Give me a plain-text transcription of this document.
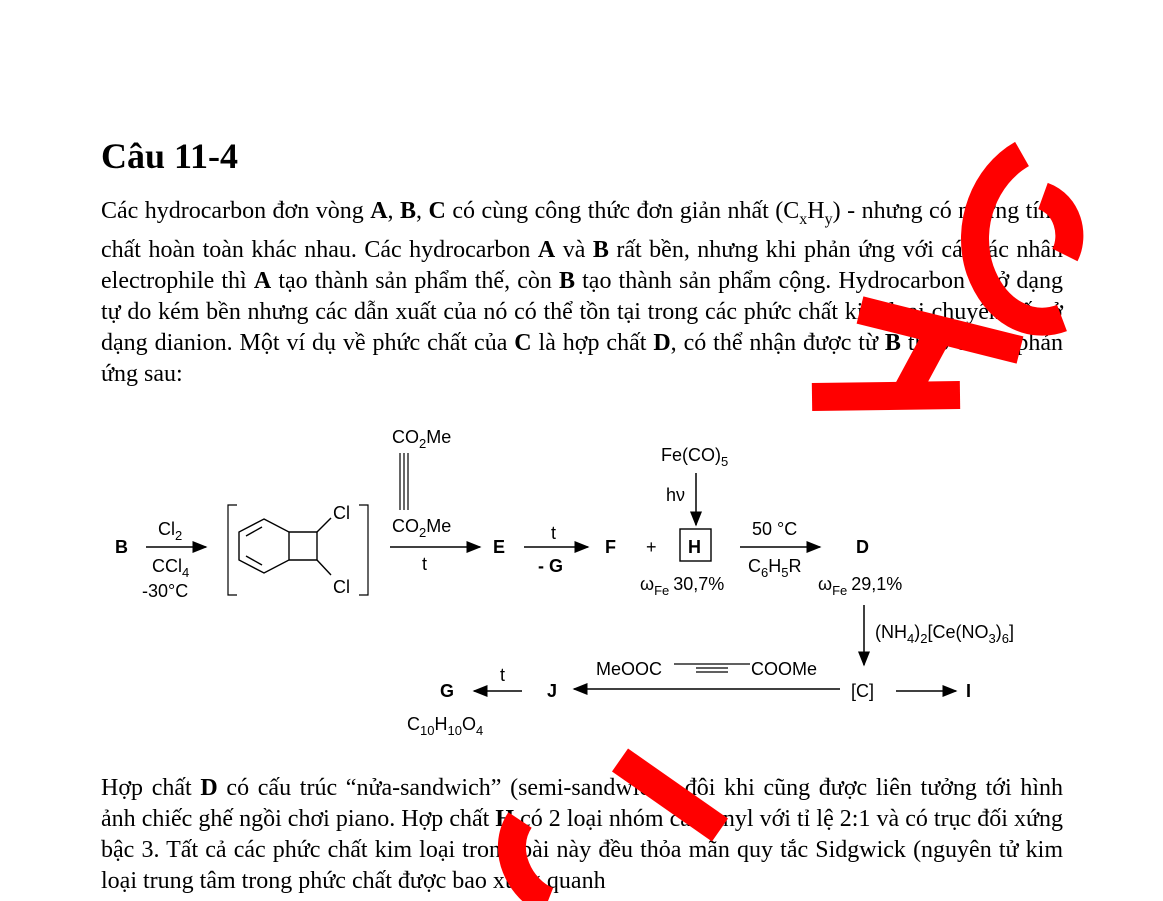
Câu 11-4

Các hydrocarbon đơn vòng A, B, C có cùng công thức đơn giản nhất $(C_xH_y)$ - nhưng có những tính chất hoàn toàn khác nhau. Các hydrocarbon A và B rất bền, nhưng khi phản ứng với các tác nhân electrophile thì A tạo thành sản phẩm thế, còn B tạo thành sản phẩm cộng. Hydrocarbon C ở dạng tự do kém bền nhưng các dẫn xuất của nó có thể tồn tại trong các phức chất kim loại chuyển tiếp ở dạng dianion. Một ví dụ về phức chất của C là hợp chất D, có thể nhận được từ B theo chuỗi phản ứng sau:

B
$Cl_2$
CCl$_4$
-30°C
Cl
Cl
$CO_2Me$
$CO_2Me$
t
E
t
- G
F +
$Fe(CO)_5$
hν
H
$\omega_{Fe}$ 30,7%
50 °C
$C_6H_5R$
D
$\omega_{Fe}$ 29,1%
$(NH_4)_2[Ce(NO_3)_6]$
[C]	I
MeOOC	COOMe
J
t
G
$C_{10}H_{10}O_4$

Hợp chất D có cấu trúc “nửa-sandwich” (semi-sandwich), đôi khi cũng được liên tưởng tới hình ảnh chiếc ghế ngồi chơi piano. Hợp chất H có 2 loại nhóm carbonyl với tỉ lệ 2:1 và có trục đối xứng bậc 3. Tất cả các phức chất kim loại trong bài này đều thỏa mãn quy tắc Sidgwick (nguyên tử kim loại trung tâm trong phức chất được bao xung quanh
